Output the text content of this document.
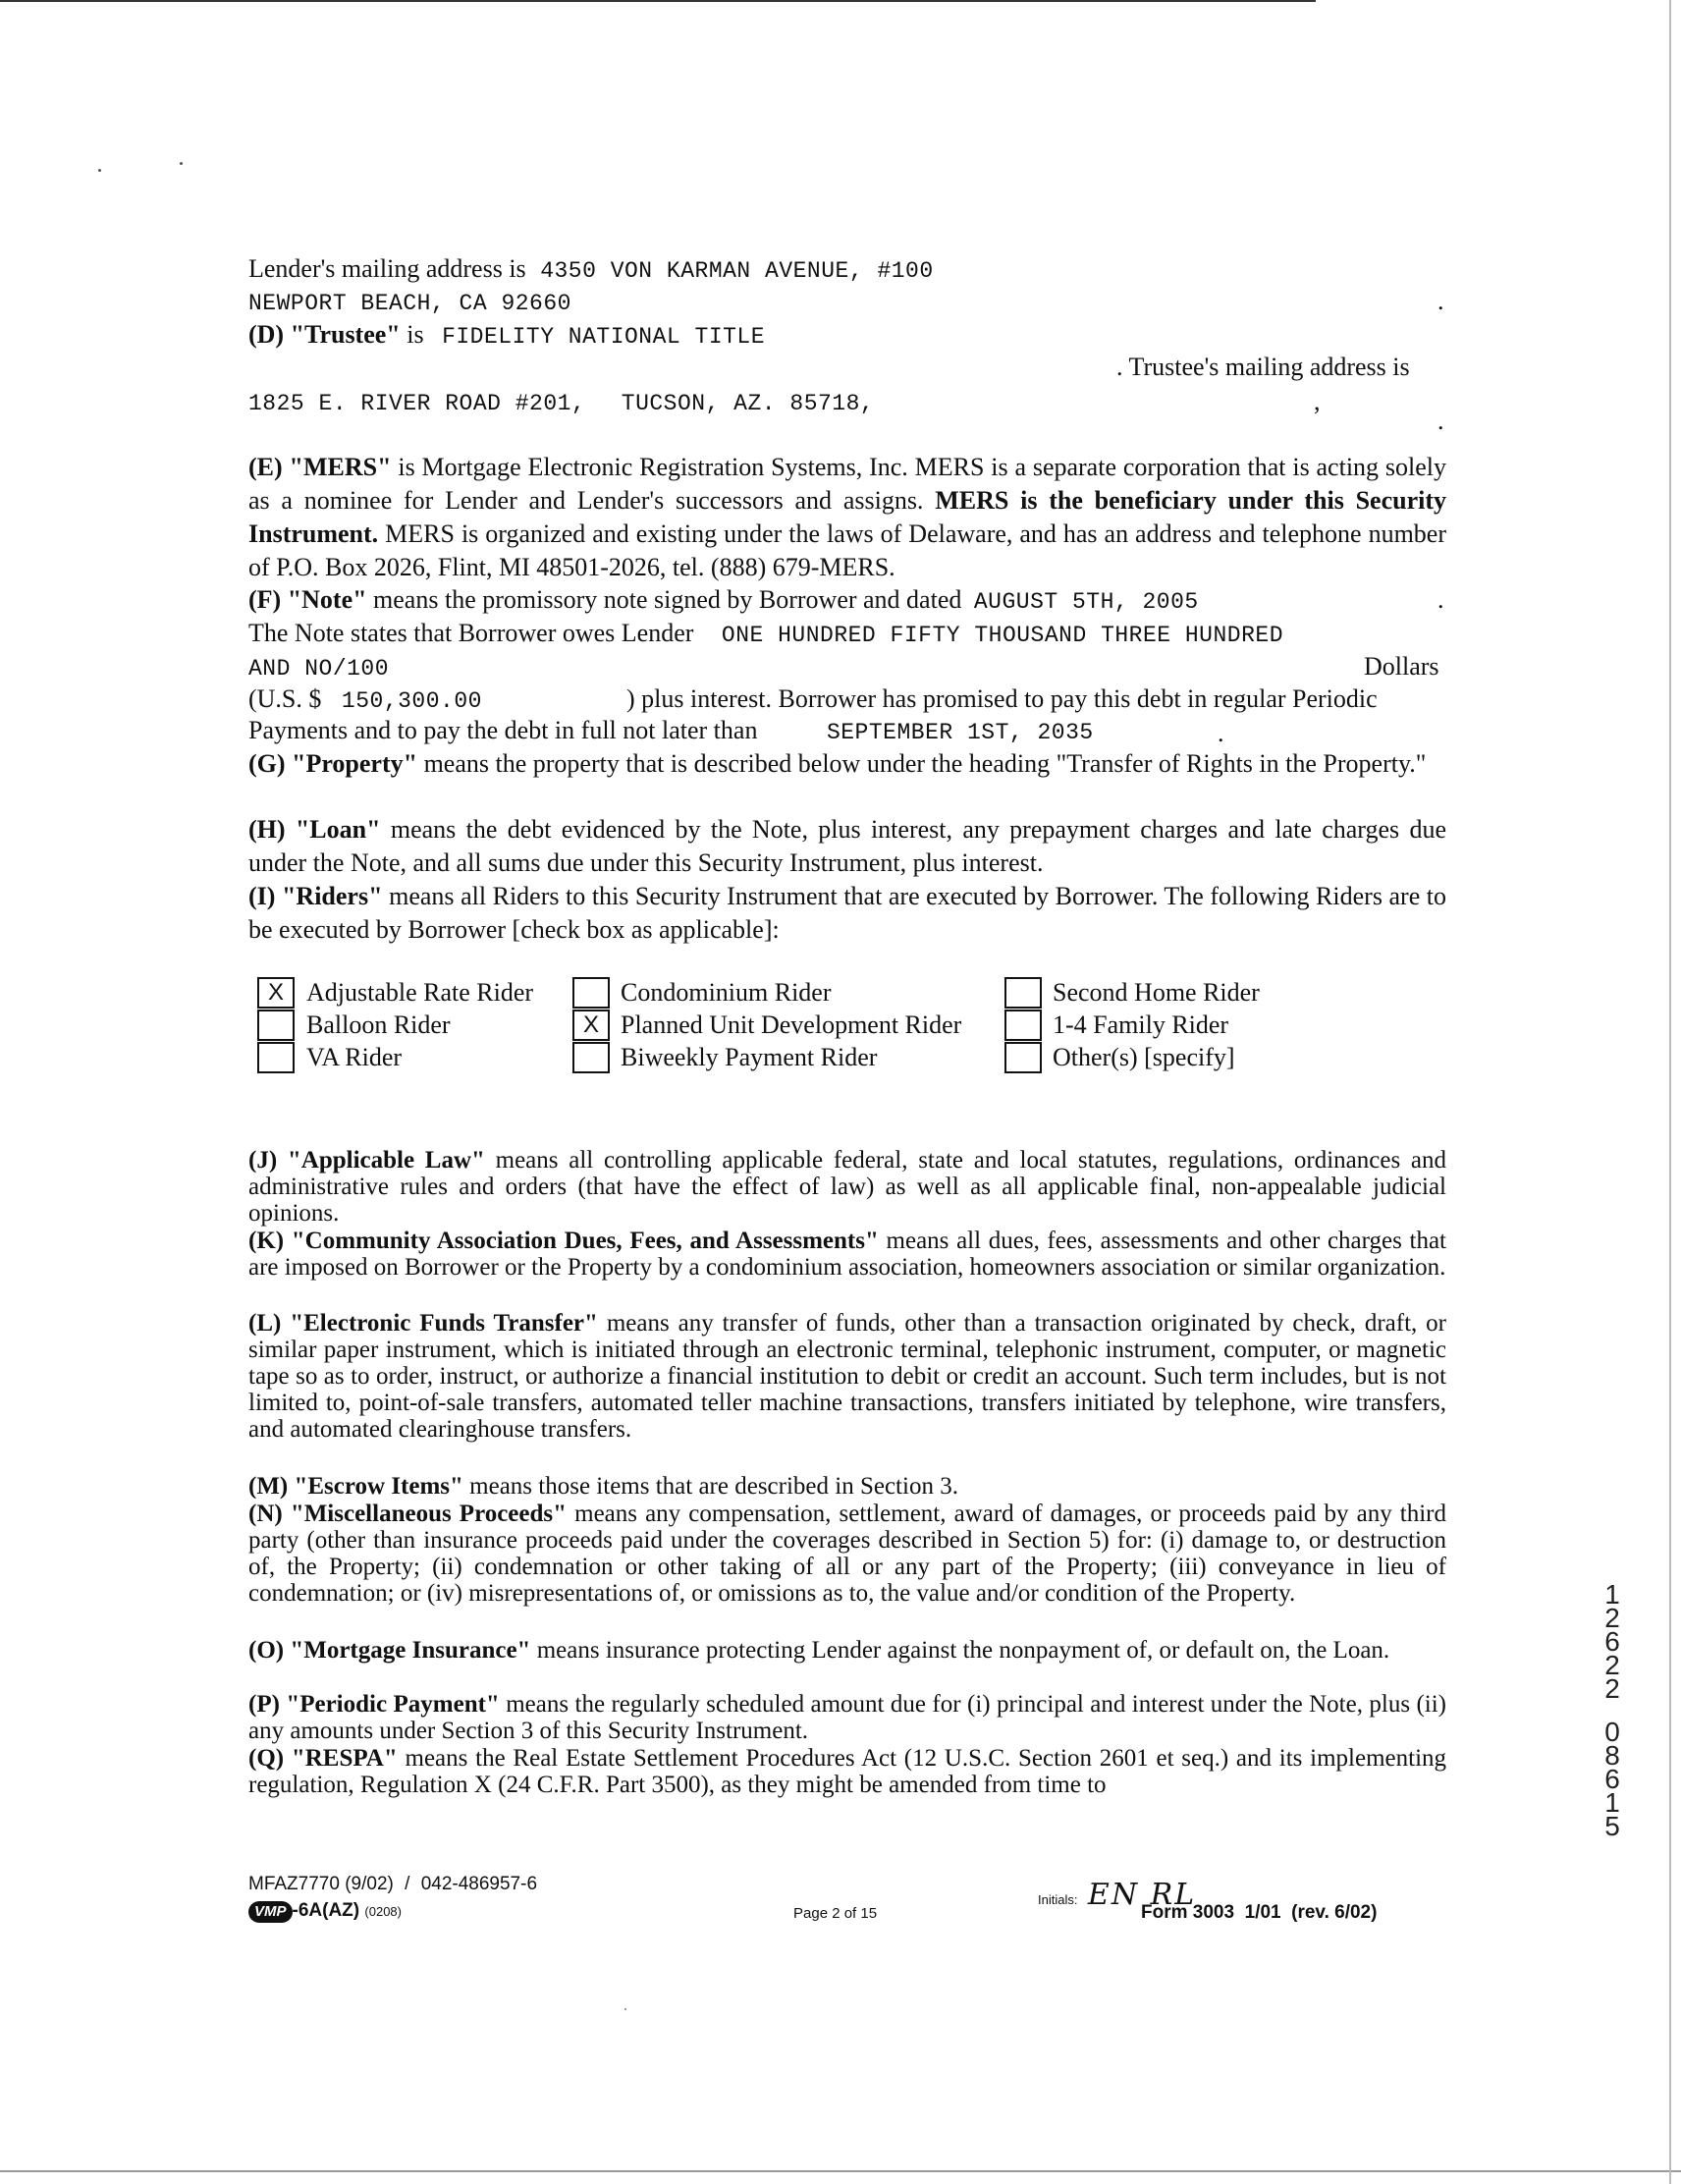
Lender's mailing address is 4350 VON KARMAN AVENUE, #100
NEWPORT BEACH, CA 92660	.
(D) "Trustee" is FIDELITY NATIONAL TITLE
. Trustee's mailing address is
1825 E. RIVER ROAD #201, TUCSON, AZ. 85718,	,
.
(E) "MERS" is Mortgage Electronic Registration Systems, Inc. MERS is a separate corporation that is acting solely as a nominee for Lender and Lender's successors and assigns. MERS is the beneficiary under this Security Instrument. MERS is organized and existing under the laws of Delaware, and has an address and telephone number of P.O. Box 2026, Flint, MI 48501-2026, tel. (888) 679-MERS.
(F) "Note" means the promissory note signed by Borrower and dated AUGUST 5TH, 2005	.
The Note states that Borrower owes Lender ONE HUNDRED FIFTY THOUSAND THREE HUNDRED
AND NO/100	Dollars
(U.S. $ 150,300.00	) plus interest. Borrower has promised to pay this debt in regular Periodic
Payments and to pay the debt in full not later than	SEPTEMBER 1ST, 2035	.
(G) "Property" means the property that is described below under the heading "Transfer of Rights in the Property."
(H) "Loan" means the debt evidenced by the Note, plus interest, any prepayment charges and late charges due under the Note, and all sums due under this Security Instrument, plus interest.
(I) "Riders" means all Riders to this Security Instrument that are executed by Borrower. The following Riders are to be executed by Borrower [check box as applicable]:
X Adjustable Rate Rider	Condominium Rider	Second Home Rider
Balloon Rider	X Planned Unit Development Rider	1-4 Family Rider
VA Rider	Biweekly Payment Rider	Other(s) [specify]
(J) "Applicable Law" means all controlling applicable federal, state and local statutes, regulations, ordinances and administrative rules and orders (that have the effect of law) as well as all applicable final, non-appealable judicial opinions.
(K) "Community Association Dues, Fees, and Assessments" means all dues, fees, assessments and other charges that are imposed on Borrower or the Property by a condominium association, homeowners association or similar organization.
(L) "Electronic Funds Transfer" means any transfer of funds, other than a transaction originated by check, draft, or similar paper instrument, which is initiated through an electronic terminal, telephonic instrument, computer, or magnetic tape so as to order, instruct, or authorize a financial institution to debit or credit an account. Such term includes, but is not limited to, point-of-sale transfers, automated teller machine transactions, transfers initiated by telephone, wire transfers, and automated clearinghouse transfers.
(M) "Escrow Items" means those items that are described in Section 3.
(N) "Miscellaneous Proceeds" means any compensation, settlement, award of damages, or proceeds paid by any third party (other than insurance proceeds paid under the coverages described in Section 5) for: (i) damage to, or destruction of, the Property; (ii) condemnation or other taking of all or any part of the Property; (iii) conveyance in lieu of condemnation; or (iv) misrepresentations of, or omissions as to, the value and/or condition of the Property.
(O) "Mortgage Insurance" means insurance protecting Lender against the nonpayment of, or default on, the Loan.
(P) "Periodic Payment" means the regularly scheduled amount due for (i) principal and interest under the Note, plus (ii) any amounts under Section 3 of this Security Instrument.
(Q) "RESPA" means the Real Estate Settlement Procedures Act (12 U.S.C. Section 2601 et seq.) and its implementing regulation, Regulation X (24 C.F.R. Part 3500), as they might be amended from time to
1
2
6
2
2
0
8
6
1
5
MFAZ7770 (9/02) / 042-486957-6
VMP -6A(AZ) (0208)	Page 2 of 15
Initials: EN RL
Form 3003  1/01  (rev. 6/02)
